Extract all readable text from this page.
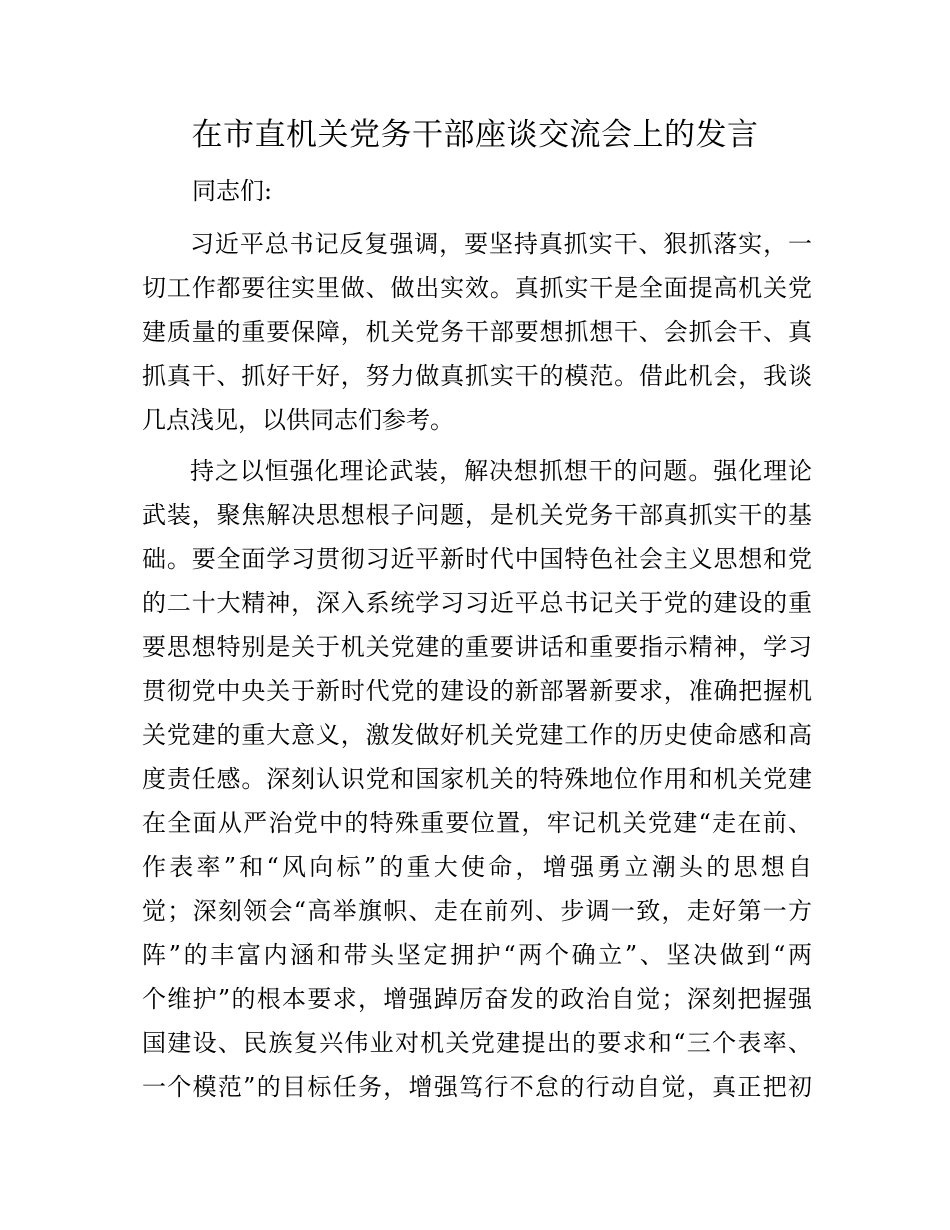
在市直机关党务干部座谈交流会上的发言

同志们:

习近平总书记反复强调，要坚持真抓实干、狠抓落实，一
切工作都要往实里做、做出实效。真抓实干是全面提高机关党
建质量的重要保障，机关党务干部要想抓想干、会抓会干、真
抓真干、抓好干好，努力做真抓实干的模范。借此机会，我谈
几点浅见，以供同志们参考。
持之以恒强化理论武装，解决想抓想干的问题。强化理论
武装，聚焦解决思想根子问题，是机关党务干部真抓实干的基
础。要全面学习贯彻习近平新时代中国特色社会主义思想和党
的二十大精神，深入系统学习习近平总书记关于党的建设的重
要思想特别是关于机关党建的重要讲话和重要指示精神，学习
贯彻党中央关于新时代党的建设的新部署新要求，准确把握机
关党建的重大意义，激发做好机关党建工作的历史使命感和高
度责任感。深刻认识党和国家机关的特殊地位作用和机关党建
在全面从严治党中的特殊重要位置，牢记机关党建“走在前、
作表率”和“风向标”的重大使命，增强勇立潮头的思想自
觉；深刻领会“高举旗帜、走在前列、步调一致，走好第一方
阵”的丰富内涵和带头坚定拥护“两个确立”、坚决做到“两
个维护”的根本要求，增强踔厉奋发的政治自觉；深刻把握强
国建设、民族复兴伟业对机关党建提出的要求和“三个表率、
一个模范”的目标任务，增强笃行不怠的行动自觉，真正把初
